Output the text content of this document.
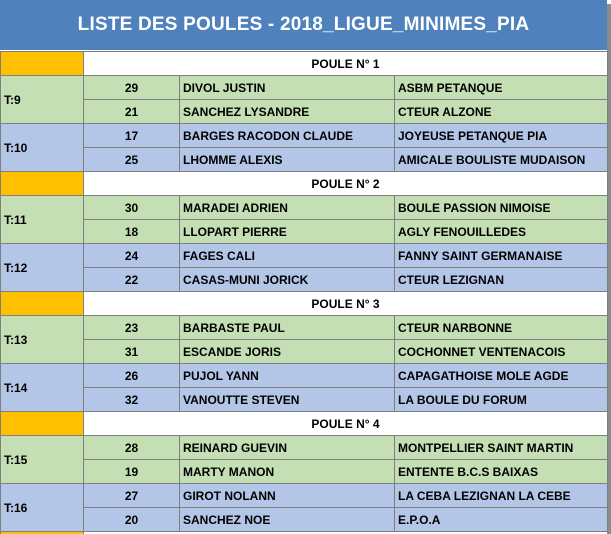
LISTE DES POULES - 2018_LIGUE_MINIMES_PIA
	POULE N° 1		
T:9	29	DIVOL JUSTIN	ASBM PETANQUE
	21	SANCHEZ LYSANDRE	CTEUR ALZONE
T:10	17	BARGES RACODON CLAUDE	JOYEUSE PETANQUE PIA
	25	LHOMME ALEXIS	AMICALE BOULISTE MUDAISON
	POULE N° 2		
T:11	30	MARADEI ADRIEN	BOULE PASSION NIMOISE
	18	LLOPART PIERRE	AGLY FENOUILLEDES
T:12	24	FAGES CALI	FANNY SAINT GERMANAISE
	22	CASAS-MUNI JORICK	CTEUR LEZIGNAN
	POULE N° 3		
T:13	23	BARBASTE PAUL	CTEUR NARBONNE
	31	ESCANDE JORIS	COCHONNET VENTENACOIS
T:14	26	PUJOL YANN	CAPAGATHOISE MOLE AGDE
	32	VANOUTTE STEVEN	LA BOULE DU FORUM
	POULE N° 4		
T:15	28	REINARD GUEVIN	MONTPELLIER SAINT MARTIN
	19	MARTY MANON	ENTENTE B.C.S BAIXAS
T:16	27	GIROT NOLANN	LA CEBA LEZIGNAN LA CEBE
	20	SANCHEZ NOE	E.P.O.A
